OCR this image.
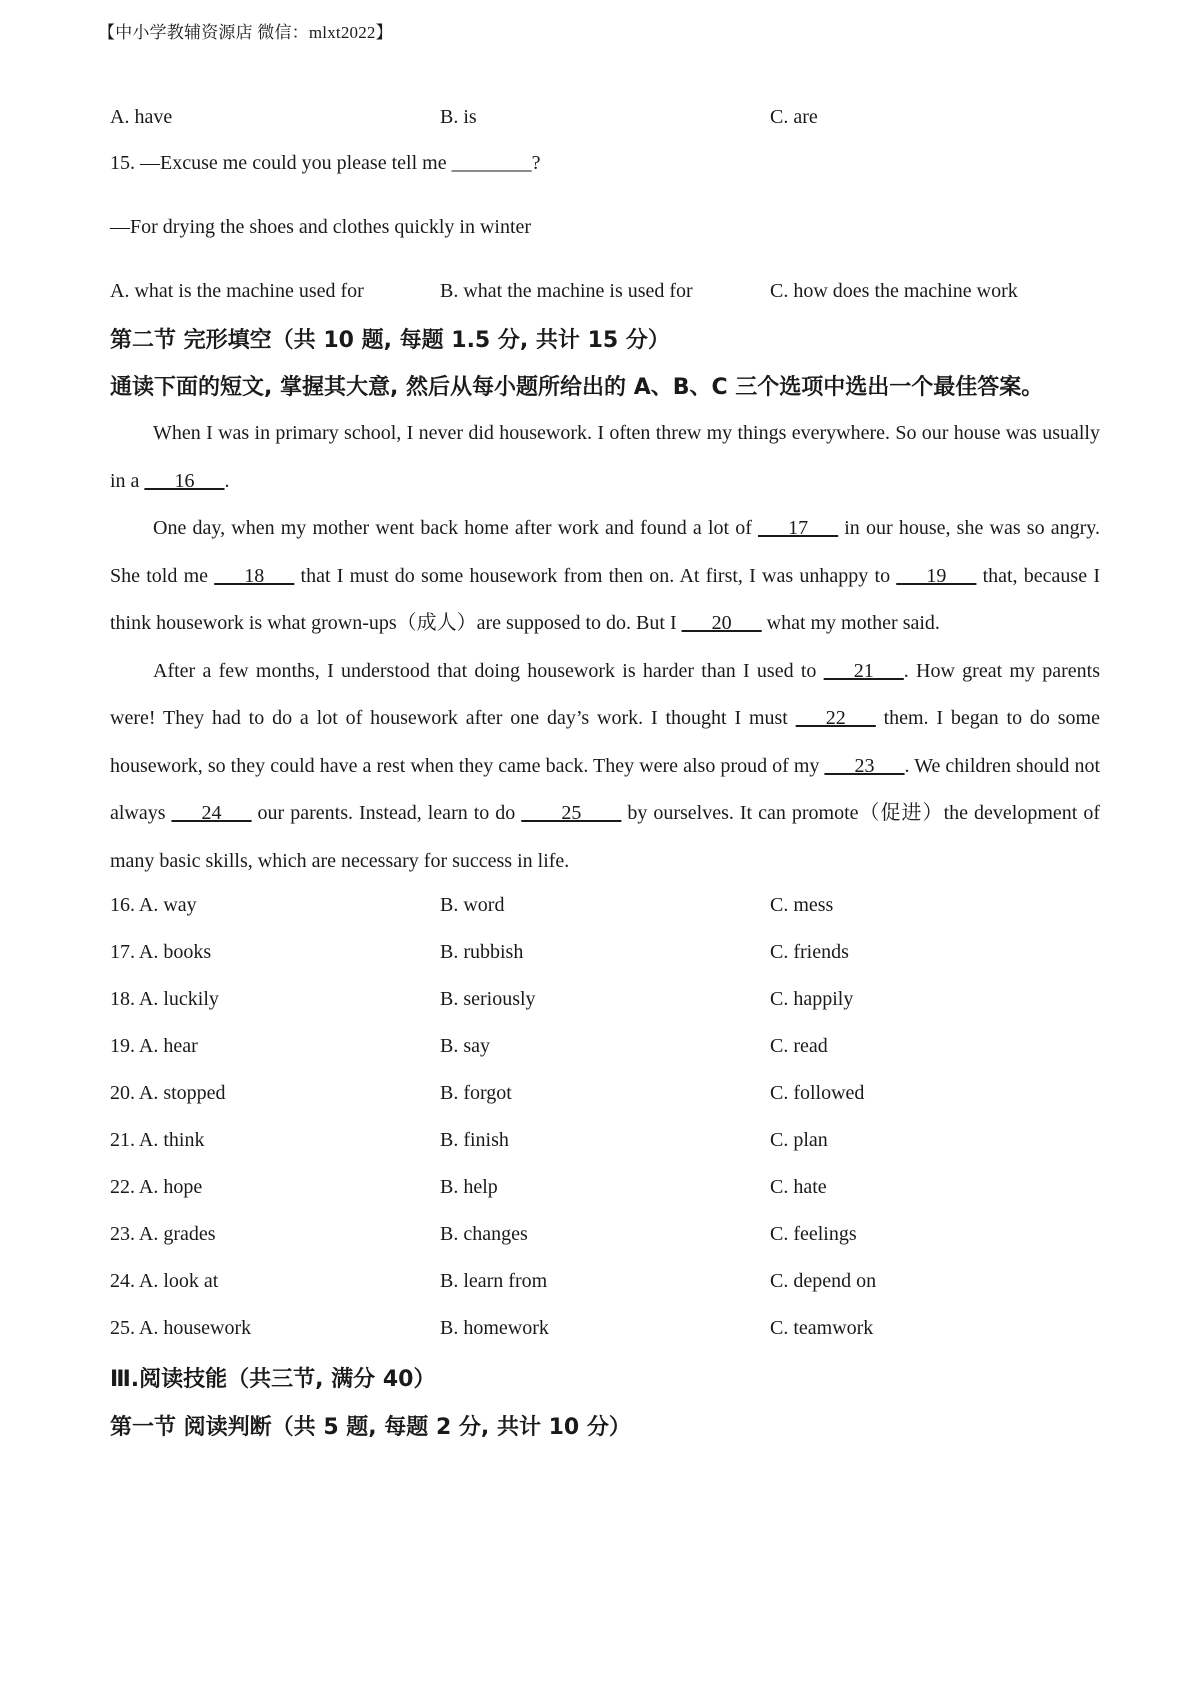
【中小学教辅资源店 微信：mlxt2022】
A. have	B. is	C. are
15. —Excuse me could you please tell me ________?
—For drying the shoes and clothes quickly in winter
A. what is the machine used for	B. what the machine is used for	C. how does the machine work
第二节 完形填空（共 10 题, 每题 1.5 分, 共计 15 分）
通读下面的短文, 掌握其大意, 然后从每小题所给出的 A、B、C 三个选项中选出一个最佳答案。

When I was in primary school, I never did housework. I often threw my things everywhere. So our house was usually in a ___16___.

One day, when my mother went back home after work and found a lot of ___17___ in our house, she was so angry. She told me ___18___ that I must do some housework from then on. At first, I was unhappy to ___19___ that, because I think housework is what grown-ups（成人）are supposed to do. But I ___20___ what my mother said.

After a few months, I understood that doing housework is harder than I used to ___21___. How great my parents were! They had to do a lot of housework after one day’s work. I thought I must ___22___ them. I began to do some housework, so they could have a rest when they came back. They were also proud of my ___23___. We children should not always ___24___ our parents. Instead, learn to do ____25____ by ourselves. It can promote（促进）the development of many basic skills, which are necessary for success in life.

16. A. way	B. word	C. mess
17. A. books	B. rubbish	C. friends
18. A. luckily	B. seriously	C. happily
19. A. hear	B. say	C. read
20. A. stopped	B. forgot	C. followed
21. A. think	B. finish	C. plan
22. A. hope	B. help	C. hate
23. A. grades	B. changes	C. feelings
24. A. look at	B. learn from	C. depend on
25. A. housework	B. homework	C. teamwork
Ⅲ.阅读技能（共三节, 满分 40）
第一节 阅读判断（共 5 题, 每题 2 分, 共计 10 分）
